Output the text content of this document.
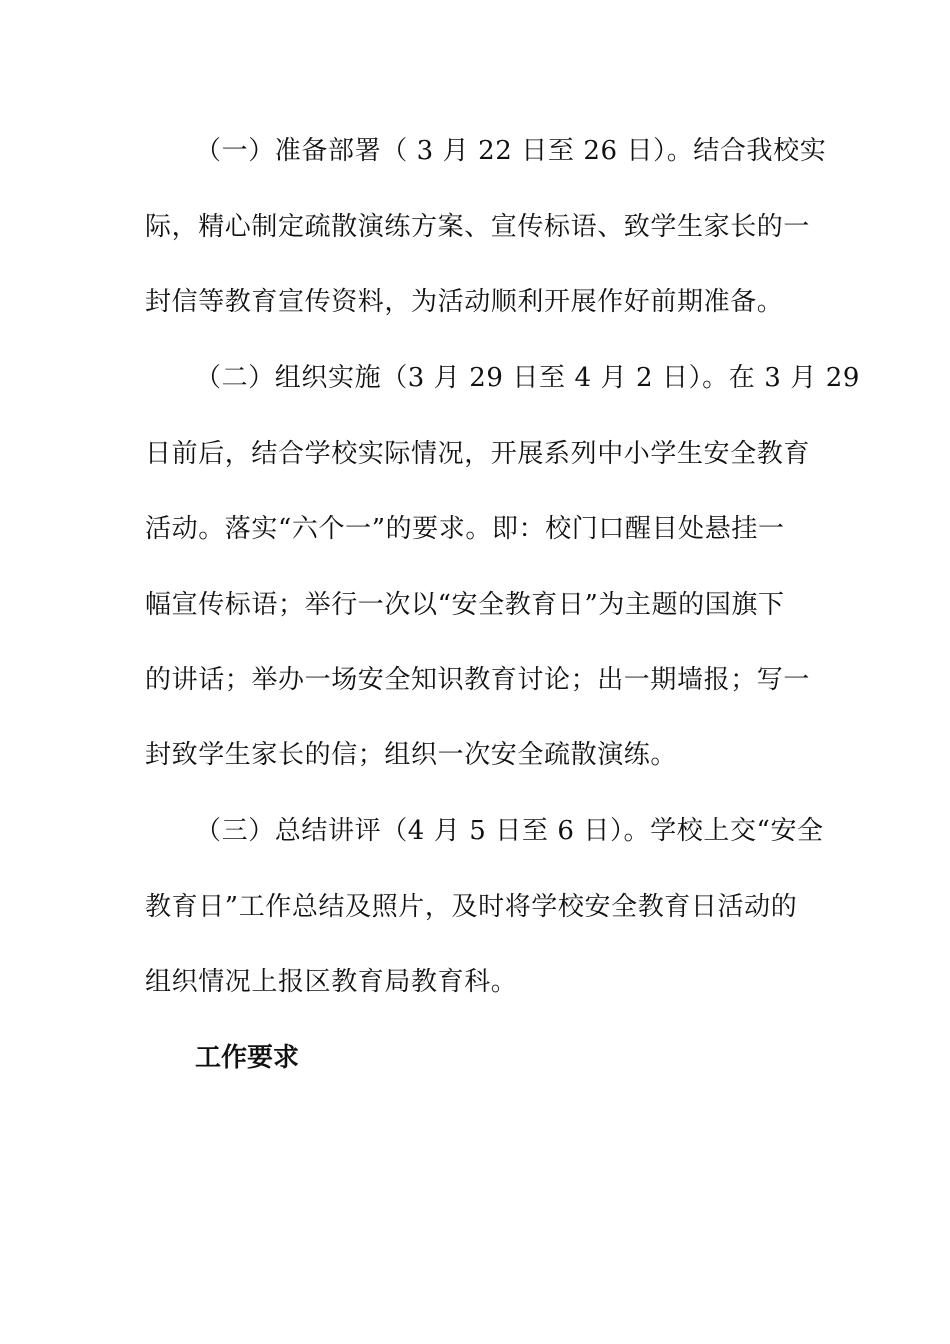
（一）准备部署（ 3 月 22 日至 26 日）。结合我校实
际，精心制定疏散演练方案、宣传标语、致学生家长的一
封信等教育宣传资料，为活动顺利开展作好前期准备。
（二）组织实施（3 月 29 日至 4 月 2 日）。在 3 月 29
日前后，结合学校实际情况，开展系列中小学生安全教育
活动。落实“六个一”的要求。即：校门口醒目处悬挂一
幅宣传标语；举行一次以“安全教育日”为主题的国旗下
的讲话；举办一场安全知识教育讨论；出一期墙报；写一
封致学生家长的信；组织一次安全疏散演练。
（三）总结讲评（4 月 5 日至 6 日）。学校上交“安全
教育日”工作总结及照片，及时将学校安全教育日活动的
组织情况上报区教育局教育科。
工作要求
